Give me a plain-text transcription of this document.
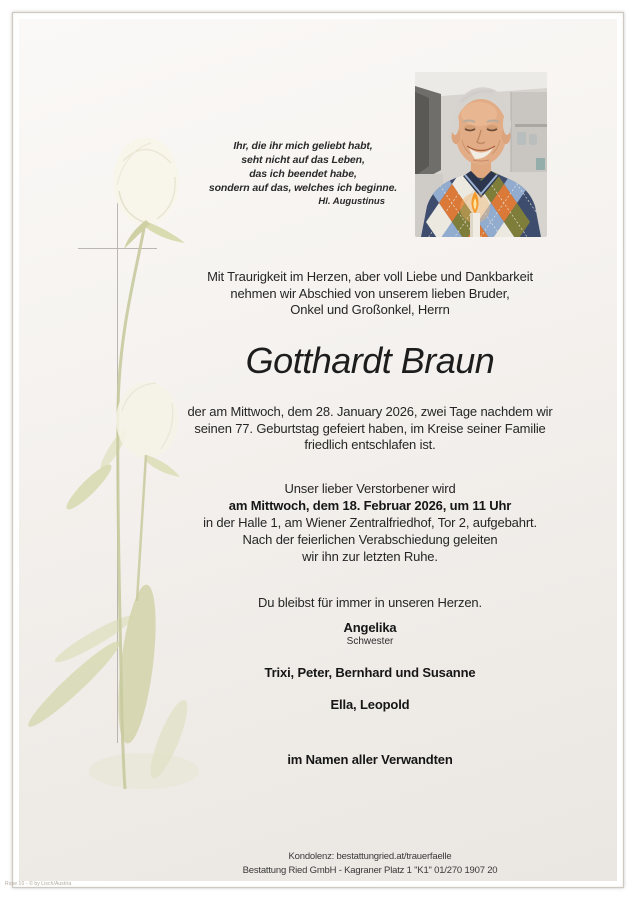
Ihr, die ihr mich geliebt habt,
seht nicht auf das Leben,
das ich beendet habe,
sondern auf das, welches ich beginne.
Hl. Augustinus
Mit Traurigkeit im Herzen, aber voll Liebe und Dankbarkeit
nehmen wir Abschied von unserem lieben Bruder,
Onkel und Großonkel, Herrn
Gotthardt Braun
der am Mittwoch, dem 28. January 2026, zwei Tage nachdem wir
seinen 77. Geburtstag gefeiert haben, im Kreise seiner Familie
friedlich entschlafen ist.
Unser lieber Verstorbener wird
am Mittwoch, dem 18. Februar 2026, um 11 Uhr
in der Halle 1, am Wiener Zentralfriedhof, Tor 2, aufgebahrt.
Nach der feierlichen Verabschiedung geleiten
wir ihn zur letzten Ruhe.
Du bleibst für immer in unseren Herzen.
Angelika
Schwester
Trixi, Peter, Bernhard und Susanne
Ella, Leopold
im Namen aller Verwandten
Kondolenz: bestattungried.at/trauerfaelle
Bestattung Ried GmbH - Kagraner Platz 1 "K1" 01/270 1907 20
Rose 10 - © by Lisch/Austria
